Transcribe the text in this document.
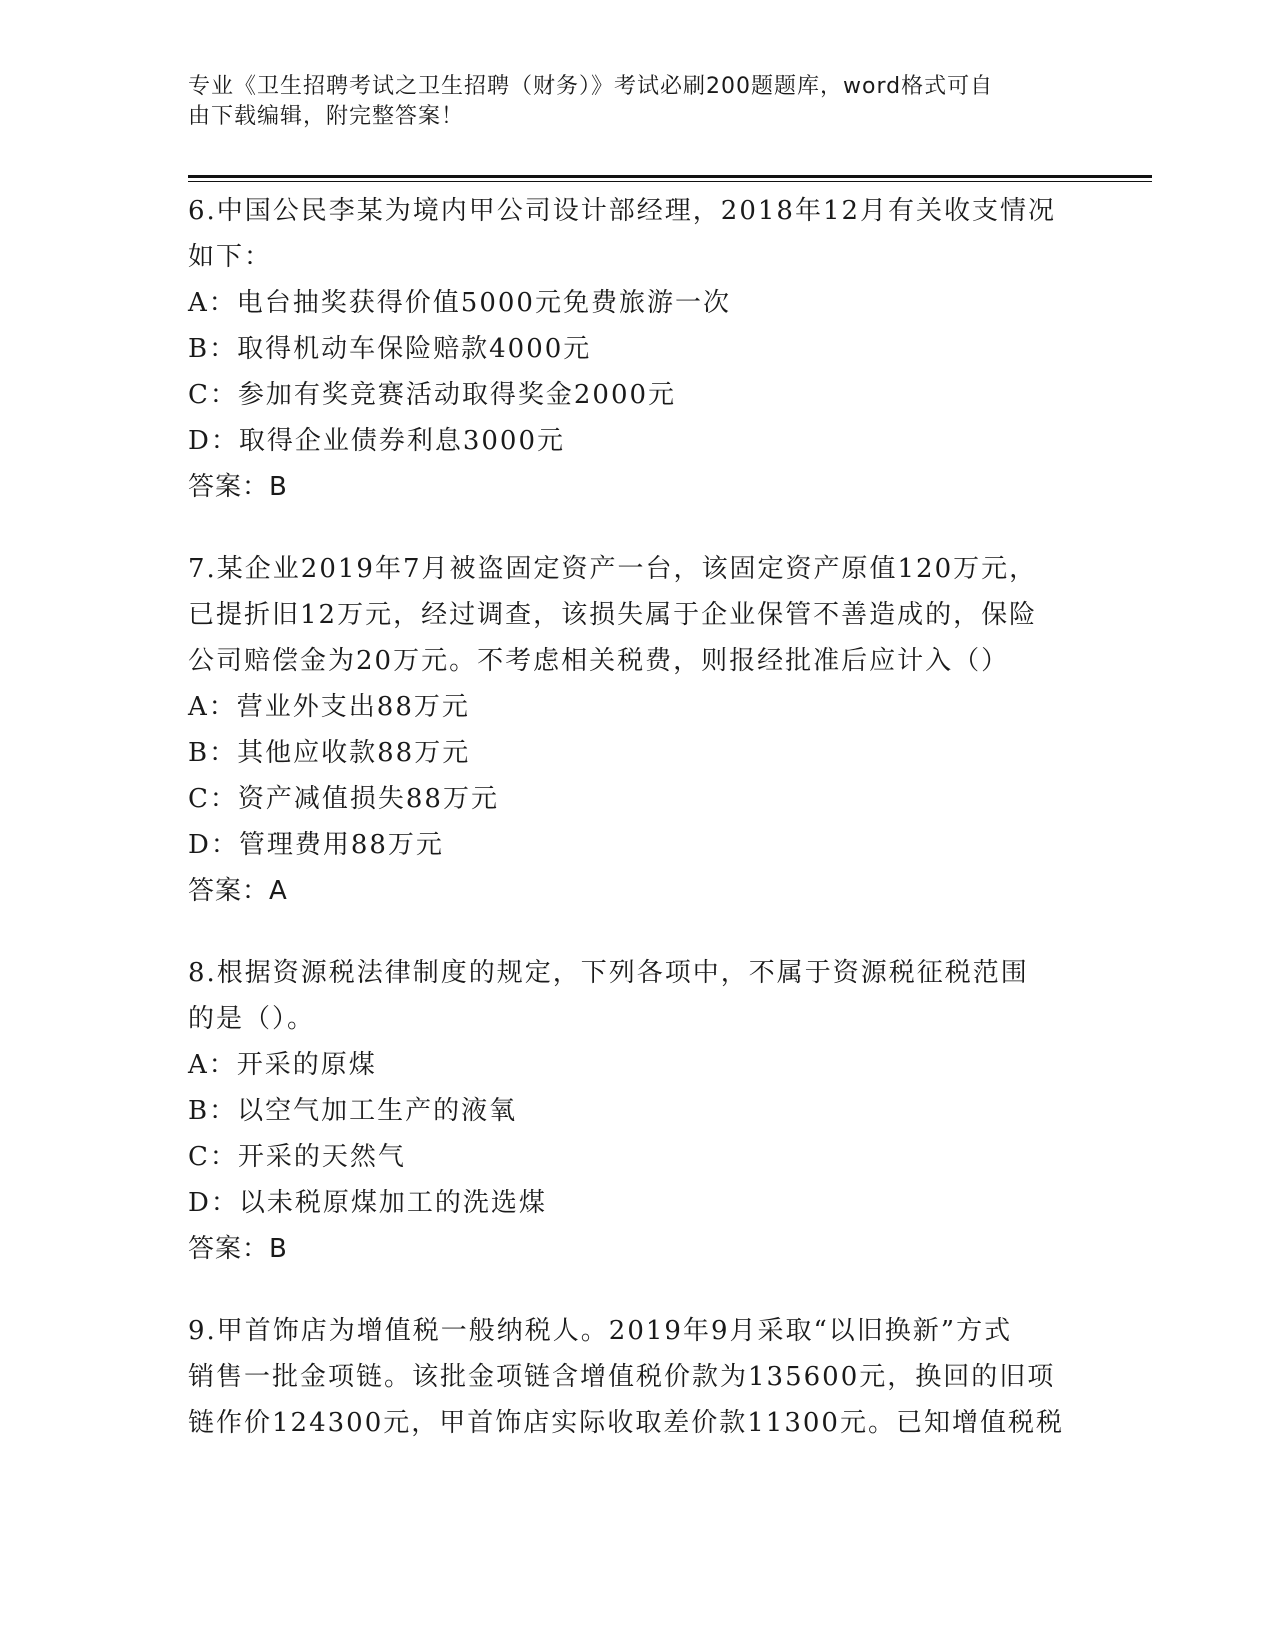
专业《卫生招聘考试之卫生招聘（财务）》考试必刷200题题库，word格式可自
由下载编辑，附完整答案！
6.中国公民李某为境内甲公司设计部经理，2018年12月有关收支情况
如下：
A：电台抽奖获得价值5000元免费旅游一次
B：取得机动车保险赔款4000元
C：参加有奖竞赛活动取得奖金2000元
D：取得企业债券利息3000元
答案：B
7.某企业2019年7月被盗固定资产一台，该固定资产原值120万元，
已提折旧12万元，经过调查，该损失属于企业保管不善造成的，保险
公司赔偿金为20万元。不考虑相关税费，则报经批准后应计入（）
A：营业外支出88万元
B：其他应收款88万元
C：资产减值损失88万元
D：管理费用88万元
答案：A
8.根据资源税法律制度的规定，下列各项中，不属于资源税征税范围
的是（）。
A：开采的原煤
B：以空气加工生产的液氧
C：开采的天然气
D：以未税原煤加工的洗选煤
答案：B
9.甲首饰店为增值税一般纳税人。2019年9月采取“以旧换新”方式
销售一批金项链。该批金项链含增值税价款为135600元，换回的旧项
链作价124300元，甲首饰店实际收取差价款11300元。已知增值税税
